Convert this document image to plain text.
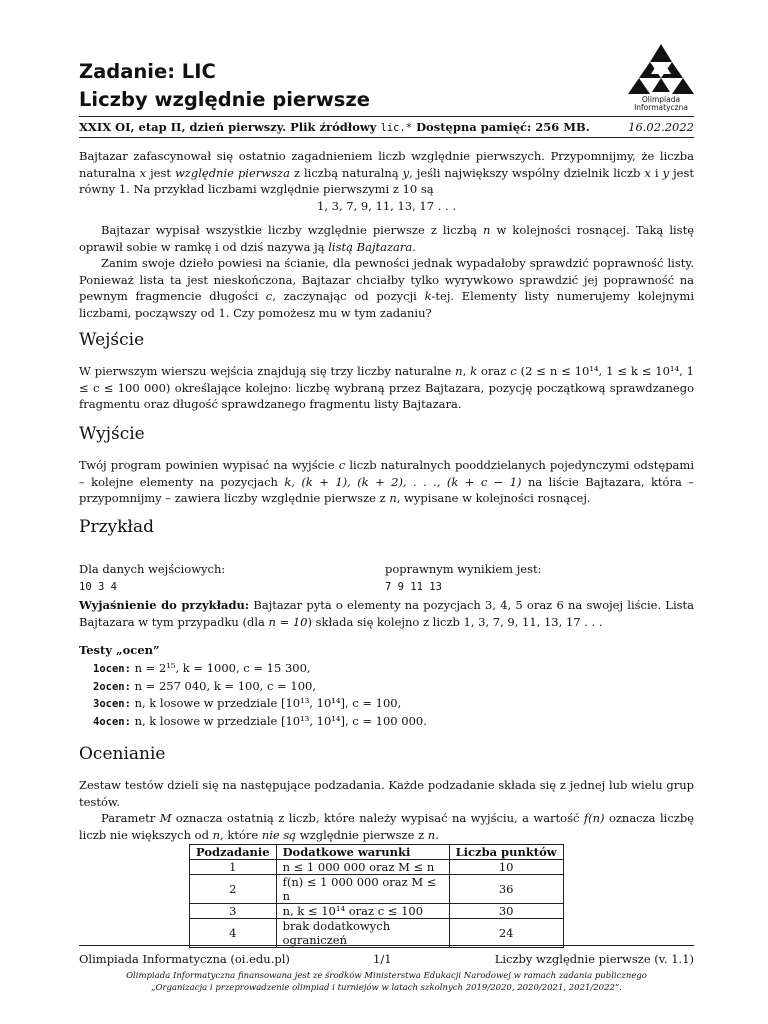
Zadanie: LIC
Liczby względnie pierwsze	Olimpiada
Informatyczna
XXIX OI, etap II, dzień pierwszy. Plik źródłowy lic.* Dostępna pamięć: 256 MB.	16.02.2022

Bajtazar zafascynował się ostatnio zagadnieniem liczb względnie pierwszych. Przypomnijmy, że liczba naturalna x jest względnie pierwsza z liczbą naturalną y, jeśli największy wspólny dzielnik liczb x i y jest równy 1. Na przykład liczbami względnie pierwszymi z 10 są

1, 3, 7, 9, 11, 13, 17 . . .

Bajtazar wypisał wszystkie liczby względnie pierwsze z liczbą n w kolejności rosnącej. Taką listę oprawił sobie w ramkę i od dziś nazywa ją listą Bajtazara.

Zanim swoje dzieło powiesi na ścianie, dla pewności jednak wypadałoby sprawdzić poprawność listy. Ponieważ lista ta jest nieskończona, Bajtazar chciałby tylko wyrywkowo sprawdzić jej poprawność na pewnym fragmencie długości c, zaczynając od pozycji k-tej. Elementy listy numerujemy kolejnymi liczbami, począwszy od 1. Czy pomożesz mu w tym zadaniu?

Wejście

W pierwszym wierszu wejścia znajdują się trzy liczby naturalne n, k oraz c (2 ≤ n ≤ 10¹⁴, 1 ≤ k ≤ 10¹⁴, 1 ≤ c ≤ 100 000) określające kolejno: liczbę wybraną przez Bajtazara, pozycję początkową sprawdzanego fragmentu oraz długość sprawdzanego fragmentu listy Bajtazara.

Wyjście

Twój program powinien wypisać na wyjście c liczb naturalnych pooddzielanych pojedynczymi odstępami – kolejne elementy na pozycjach k, (k + 1), (k + 2), . . ., (k + c − 1) na liście Bajtazara, która – przypomnijmy – zawiera liczby względnie pierwsze z n, wypisane w kolejności rosnącej.

Przykład
Dla danych wejściowych:	poprawnym wynikiem jest:
10 3 4	7 9 11 13

Wyjaśnienie do przykładu: Bajtazar pyta o elementy na pozycjach 3, 4, 5 oraz 6 na swojej liście. Lista Bajtazara w tym przypadku (dla n = 10) składa się kolejno z liczb 1, 3, 7, 9, 11, 13, 17 . . .

Testy „ocen”
1ocen: n = 2¹⁵, k = 1000, c = 15 300,
2ocen: n = 257 040, k = 100, c = 100,
3ocen: n, k losowe w przedziale [10¹³, 10¹⁴], c = 100,
4ocen: n, k losowe w przedziale [10¹³, 10¹⁴], c = 100 000.
Ocenianie

Zestaw testów dzieli się na następujące podzadania. Każde podzadanie składa się z jednej lub wielu grup testów.

Parametr M oznacza ostatnią z liczb, które należy wypisać na wyjściu, a wartość f(n) oznacza liczbę liczb nie większych od n, które nie są względnie pierwsze z n.

Podzadanie	Dodatkowe warunki	Liczba punktów
1	n ≤ 1 000 000 oraz M ≤ n	10
2	f(n) ≤ 1 000 000 oraz M ≤ n	36
3	n, k ≤ 10¹⁴ oraz c ≤ 100	30
4	brak dodatkowych ograniczeń	24
Olimpiada Informatyczna (oi.edu.pl)	1/1	Liczby względnie pierwsze (v. 1.1)
Olimpiada Informatyczna finansowana jest ze środków Ministerstwa Edukacji Narodowej w ramach zadania publicznego
„Organizacja i przeprowadzenie olimpiad i turniejów w latach szkolnych 2019/2020, 2020/2021, 2021/2022”.
